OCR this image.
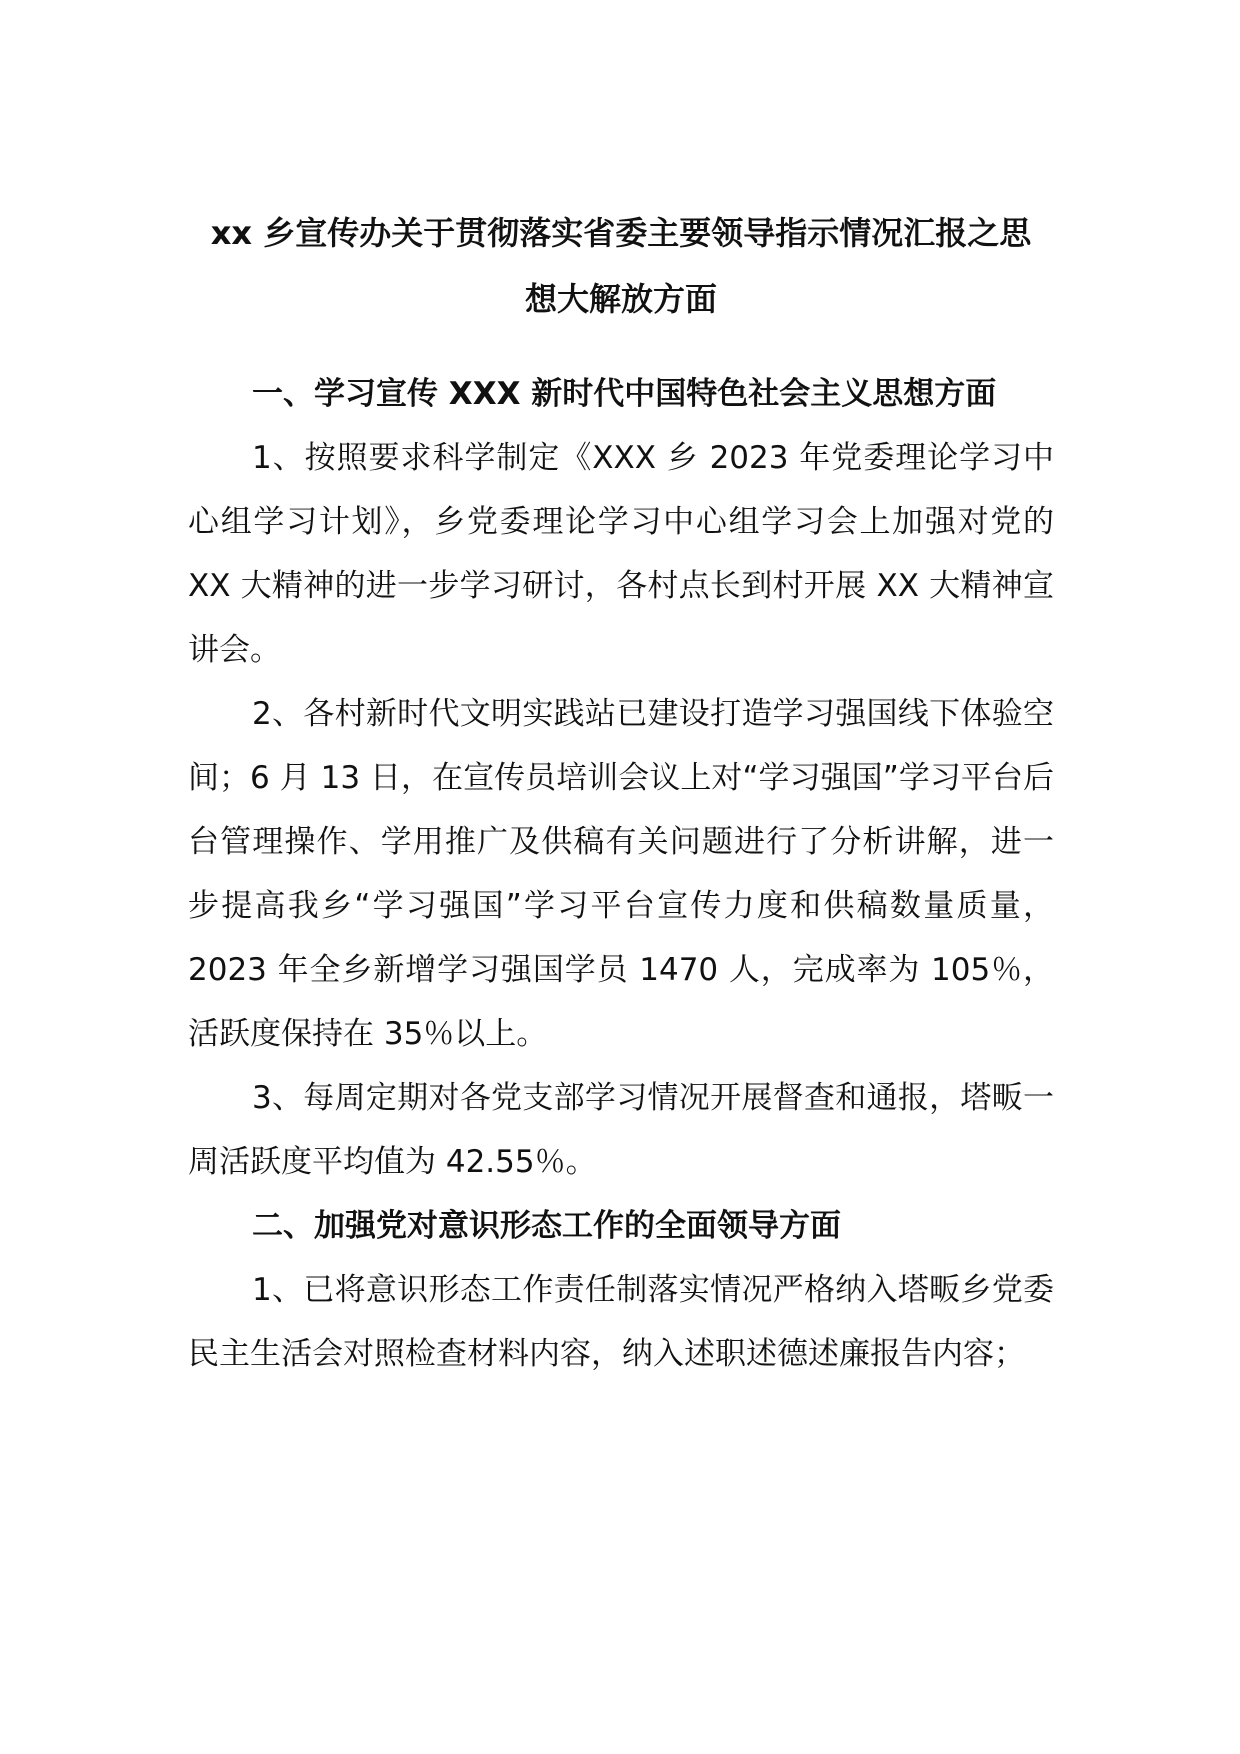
xx 乡宣传办关于贯彻落实省委主要领导指示情况汇报之思

想大解放方面

一、学习宣传 XXX 新时代中国特色社会主义思想方面

1、按照要求科学制定《XXX 乡 2023 年党委理论学习中心组学习计划》，乡党委理论学习中心组学习会上加强对党的 XX 大精神的进一步学习研讨，各村点长到村开展 XX 大精神宣讲会。

2、各村新时代文明实践站已建设打造学习强国线下体验空间；6 月 13 日，在宣传员培训会议上对“学习强国”学习平台后台管理操作、学用推广及供稿有关问题进行了分析讲解，进一步提高我乡“学习强国”学习平台宣传力度和供稿数量质量，2023 年全乡新增学习强国学员 1470 人，完成率为 105％，活跃度保持在 35％以上。

3、每周定期对各党支部学习情况开展督查和通报，塔畈一周活跃度平均值为 42.55％。

二、加强党对意识形态工作的全面领导方面

1、已将意识形态工作责任制落实情况严格纳入塔畈乡党委民主生活会对照检查材料内容，纳入述职述德述廉报告内容；
